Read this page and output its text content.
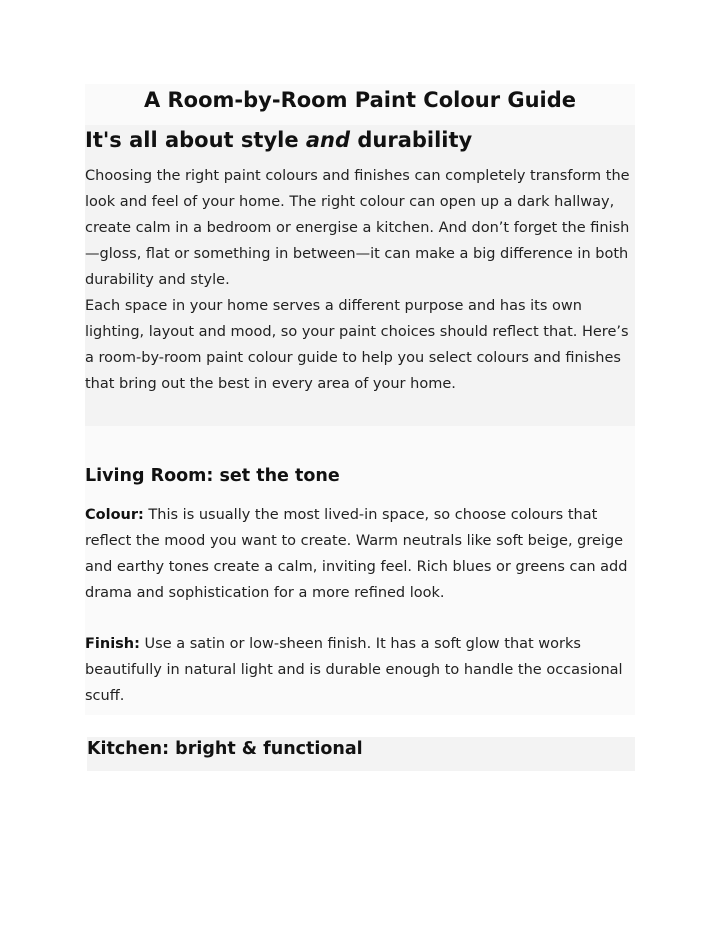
A Room-by-Room Paint Colour Guide
It's all about style and durability

Choosing the right paint colours and finishes can completely transform the look and feel of your home. The right colour can open up a dark hallway, create calm in a bedroom or energise a kitchen. And don’t forget the finish—gloss, flat or something in between—it can make a big difference in both durability and style.

Each space in your home serves a different purpose and has its own lighting, layout and mood, so your paint choices should reflect that. Here’s a room-by-room paint colour guide to help you select colours and finishes that bring out the best in every area of your home.

Living Room: set the tone

Colour: This is usually the most lived-in space, so choose colours that reflect the mood you want to create. Warm neutrals like soft beige, greige and earthy tones create a calm, inviting feel. Rich blues or greens can add drama and sophistication for a more refined look.

Finish: Use a satin or low-sheen finish. It has a soft glow that works beautifully in natural light and is durable enough to handle the occasional scuff.

Kitchen: bright & functional
